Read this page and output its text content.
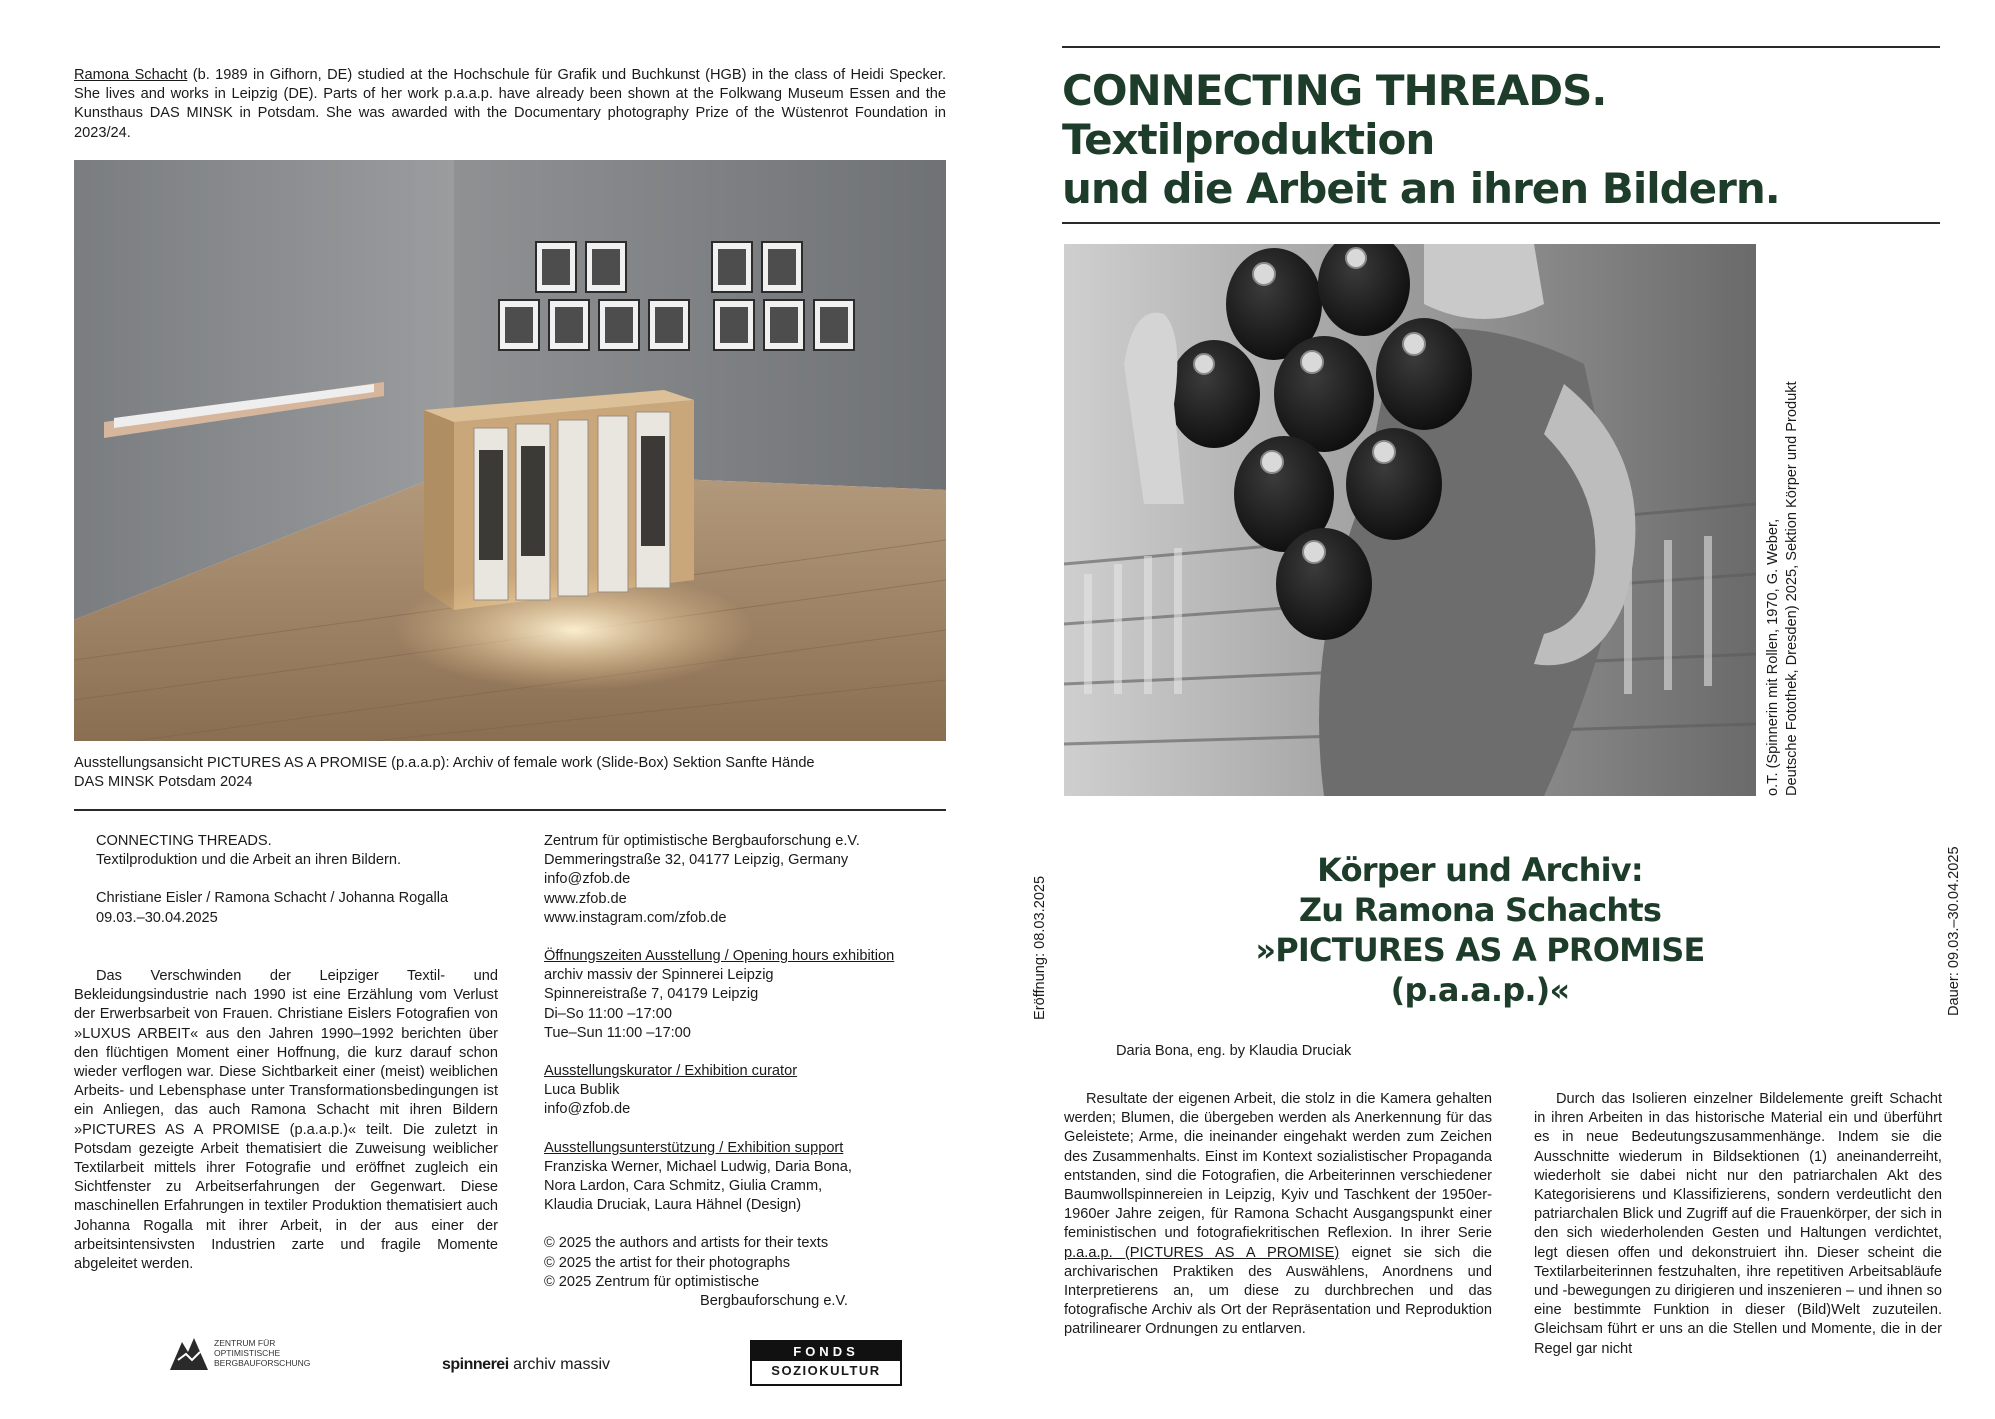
Ramona Schacht (b. 1989 in Gifhorn, DE) studied at the Hochschule für Grafik und Buchkunst (HGB) in the class of Heidi Specker. She lives and works in Leipzig (DE). Parts of her work p.a.a.p. have already been shown at the Folkwang Museum Essen and the Kunsthaus DAS MINSK in Potsdam. She was awarded with the Documentary photography Prize of the Wüstenrot Foundation in 2023/24.
Ausstellungsansicht PICTURES AS A PROMISE (p.a.a.p): Archiv of female work (Slide-Box) Sektion Sanfte Hände
DAS MINSK Potsdam 2024
CONNECTING THREADS.
Textilproduktion und die Arbeit an ihren Bildern.
Christiane Eisler / Ramona Schacht / Johanna Rogalla
09.03.–30.04.2025

Das Verschwinden der Leipziger Textil- und Bekleidungsindustrie nach 1990 ist eine Erzählung vom Verlust der Erwerbsarbeit von Frauen. Christiane Eislers Fotografien von »LUXUS ARBEIT« aus den Jahren 1990–1992 berichten über den flüchtigen Moment einer Hoffnung, die kurz darauf schon wieder verflogen war. Diese Sichtbarkeit einer (meist) weiblichen Arbeits- und Lebensphase unter Transformationsbedingungen ist ein Anliegen, das auch Ramona Schacht mit ihren Bildern »PICTURES AS A PROMISE (p.a.a.p.)« teilt. Die zuletzt in Potsdam gezeigte Arbeit thematisiert die Zuweisung weiblicher Textilarbeit mittels ihrer Fotografie und eröffnet zugleich ein Sichtfenster zu Arbeitserfahrungen der Gegenwart. Diese maschinellen Erfahrungen in textiler Produktion thematisiert auch Johanna Rogalla mit ihrer Arbeit, in der aus einer der arbeitsintensivsten Industrien zarte und fragile Momente abgeleitet werden.

Zentrum für optimistische Bergbauforschung e.V.
Demmeringstraße 32, 04177 Leipzig, Germany
info@zfob.de
www.zfob.de
www.instagram.com/zfob.de
Öffnungszeiten Ausstellung / Opening hours exhibition
archiv massiv der Spinnerei Leipzig
Spinnereistraße 7, 04179 Leipzig
Di–So 11:00 –17:00
Tue–Sun 11:00 –17:00
Ausstellungskurator / Exhibition curator
Luca Bublik
info@zfob.de
Ausstellungsunterstützung / Exhibition support
Franziska Werner, Michael Ludwig, Daria Bona,
Nora Lardon, Cara Schmitz, Giulia Cramm,
Klaudia Druciak, Laura Hähnel (Design)
© 2025 the authors and artists for their texts
© 2025 the artist for their photographs
© 2025 Zentrum für optimistische
Bergbauforschung e.V.
ZENTRUM FÜR
OPTIMISTISCHE
BERGBAUFORSCHUNG	spinnerei archiv massiv
FONDS
SOZIOKULTUR
CONNECTING THREADS.
Textilproduktion
und die Arbeit an ihren Bildern.
o.T. (Spinnerin mit Rollen, 1970, G. Weber, Deutsche Fotothek, Dresden) 2025, Sektion Körper und Produkt
Eröffnung: 08.03.2025	Dauer: 09.03.–30.04.2025
Körper und Archiv:
Zu Ramona Schachts
»PICTURES AS A PROMISE
(p.a.a.p.)«
Daria Bona, eng. by Klaudia Druciak

Resultate der eigenen Arbeit, die stolz in die Kamera gehalten werden; Blumen, die übergeben werden als Anerkennung für das Geleistete; Arme, die ineinander eingehakt werden zum Zeichen des Zusammenhalts. Einst im Kontext sozialistischer Propaganda entstanden, sind die Fotografien, die Arbeiterinnen verschiedener Baumwollspinnereien in Leipzig, Kyiv und Taschkent der 1950er-1960er Jahre zeigen, für Ramona Schacht Ausgangspunkt einer feministischen und fotografiekritischen Reflexion. In ihrer Serie p.a.a.p. (PICTURES AS A PROMISE) eignet sie sich die archivarischen Praktiken des Auswählens, Anordnens und Interpretierens an, um diese zu durchbrechen und das fotografische Archiv als Ort der Repräsentation und Reproduktion patrilinearer Ordnungen zu entlarven.

Durch das Isolieren einzelner Bildelemente greift Schacht in ihren Arbeiten in das historische Material ein und überführt es in neue Bedeutungszusammenhänge. Indem sie die Ausschnitte wiederum in Bildsektionen (1) aneinanderreiht, wiederholt sie dabei nicht nur den patriarchalen Akt des Kategorisierens und Klassifizierens, sondern verdeutlicht den patriarchalen Blick und Zugriff auf die Frauenkörper, der sich in den sich wiederholenden Gesten und Haltungen verdichtet, legt diesen offen und dekonstruiert ihn. Dieser scheint die Textilarbeiterinnen festzuhalten, ihre repetitiven Arbeitsabläufe und -bewegungen zu dirigieren und inszenieren – und ihnen so eine bestimmte Funktion in dieser (Bild)Welt zuzuteilen. Gleichsam führt er uns an die Stellen und Momente, die in der Regel gar nicht
